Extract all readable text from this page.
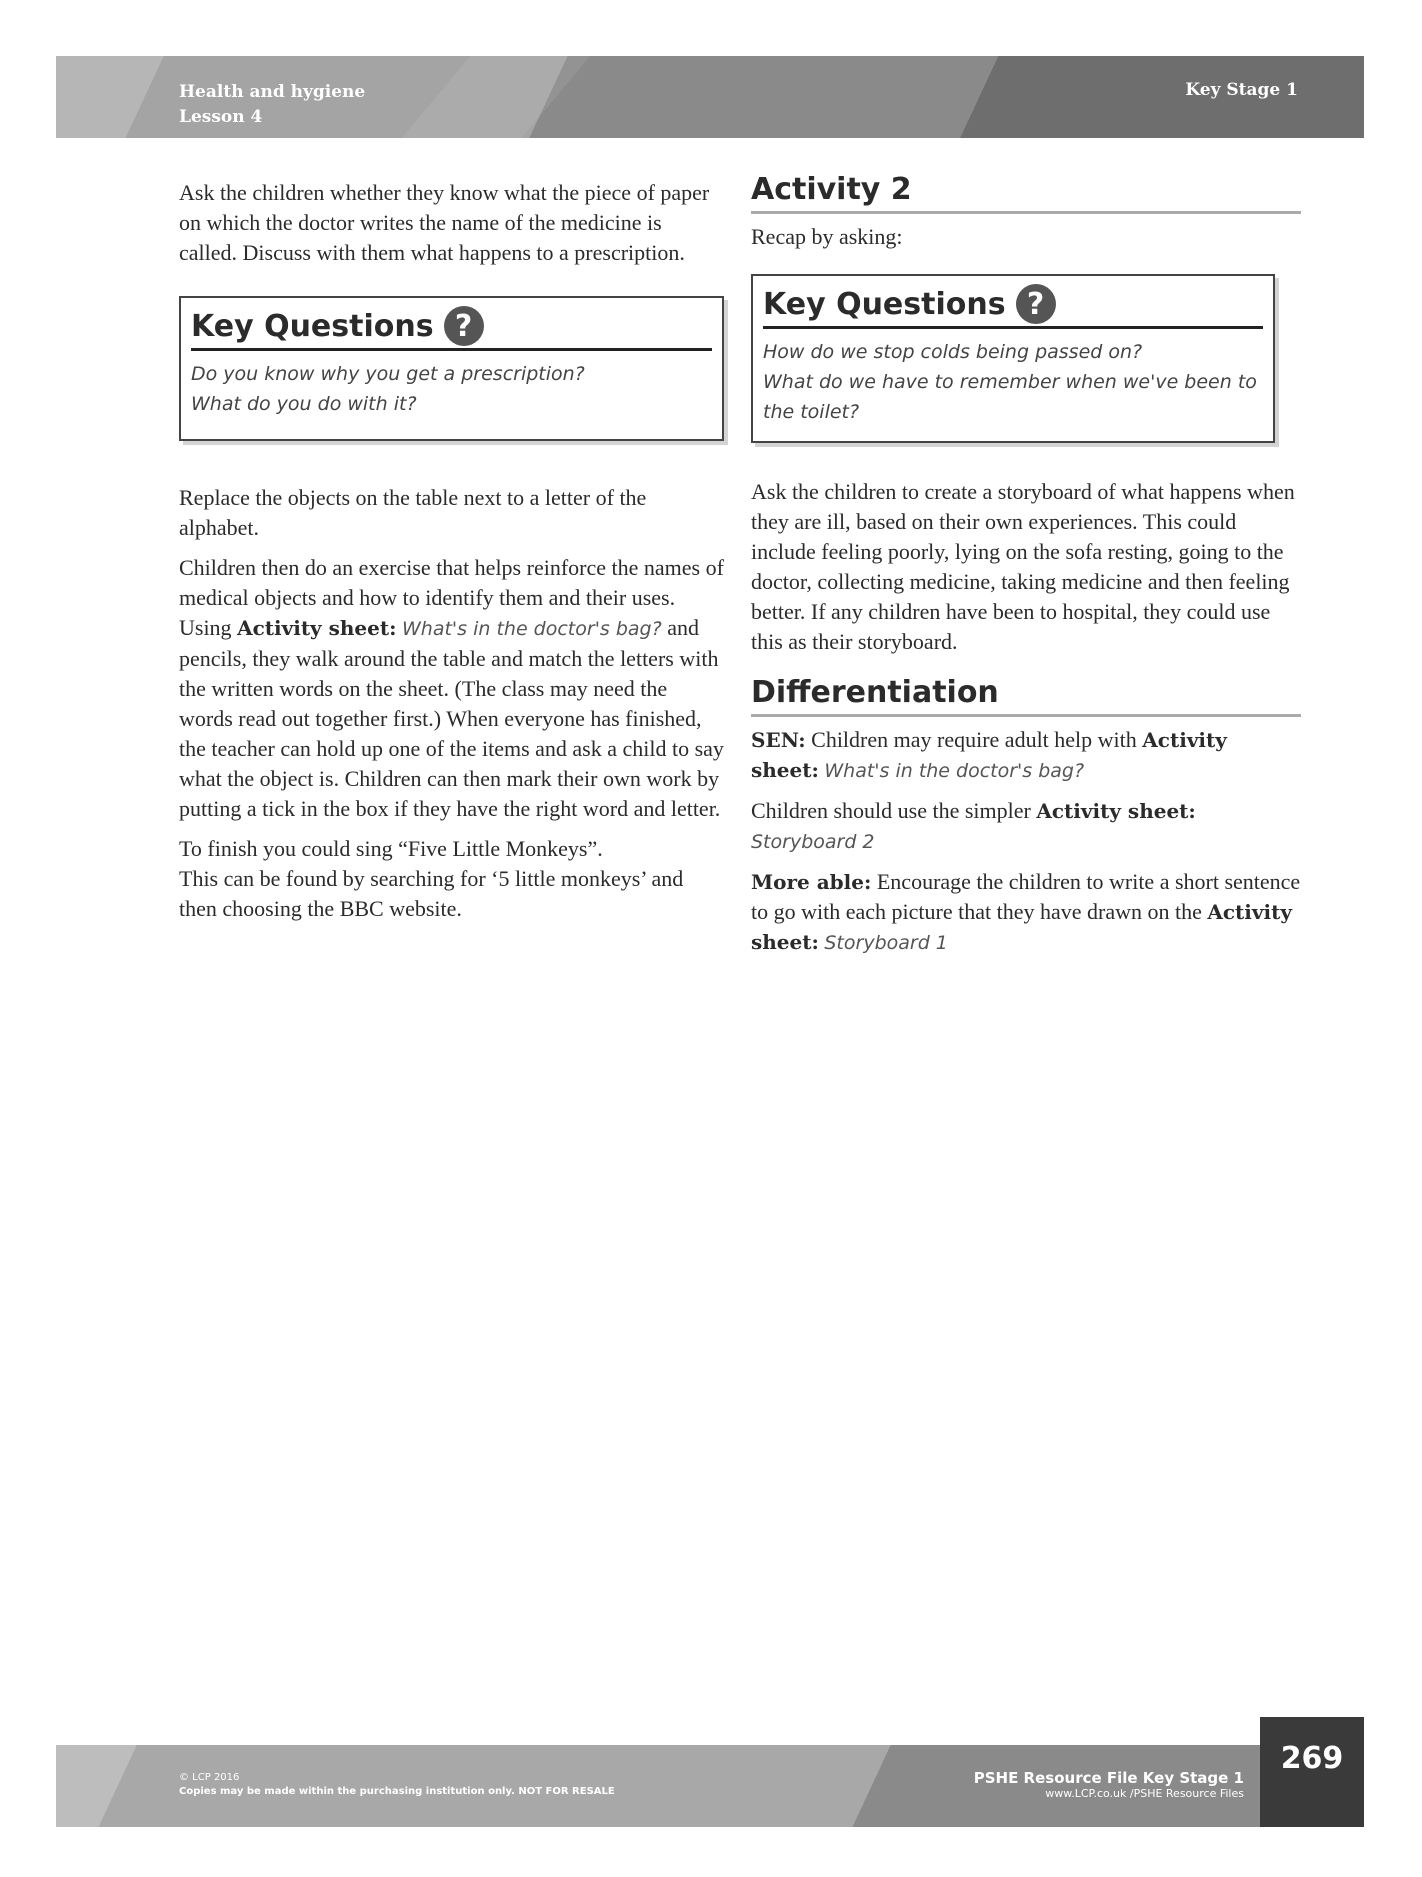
Health and hygiene
Lesson 4
Key Stage 1

Ask the children whether they know what the piece of paper on which the doctor writes the name of the medicine is called. Discuss with them what happens to a prescription.

Key Questions ?
Do you know why you get a prescription?
What do you do with it?

Replace the objects on the table next to a letter of the alphabet.

Children then do an exercise that helps reinforce the names of medical objects and how to identify them and their uses. Using Activity sheet: What's in the doctor's bag? and pencils, they walk around the table and match the letters with the written words on the sheet. (The class may need the words read out together first.) When everyone has finished, the teacher can hold up one of the items and ask a child to say what the object is. Children can then mark their own work by putting a tick in the box if they have the right word and letter.

To finish you could sing “Five Little Monkeys”.
This can be found by searching for ‘5 little monkeys’ and then choosing the BBC website.

Activity 2

Recap by asking:

Key Questions ?
How do we stop colds being passed on?
What do we have to remember when we've been to the toilet?

Ask the children to create a storyboard of what happens when they are ill, based on their own experiences. This could include feeling poorly, lying on the sofa resting, going to the doctor, collecting medicine, taking medicine and then feeling better. If any children have been to hospital, they could use this as their storyboard.

Differentiation

SEN: Children may require adult help with Activity sheet: What's in the doctor's bag?

Children should use the simpler Activity sheet:
Storyboard 2

More able: Encourage the children to write a short sentence to go with each picture that they have drawn on the Activity sheet: Storyboard 1

© LCP 2016
Copies may be made within the purchasing institution only. NOT FOR RESALE
PSHE Resource File Key Stage 1
www.LCP.co.uk /PSHE Resource Files
269
